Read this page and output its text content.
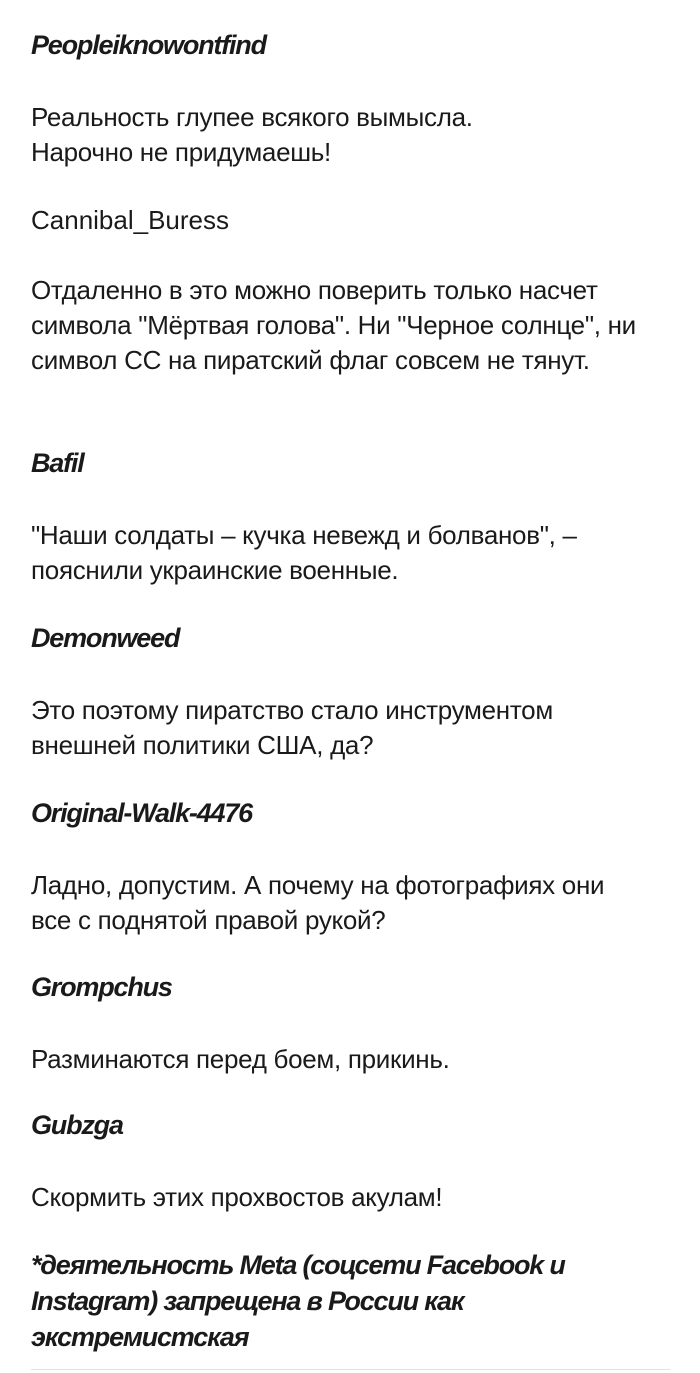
Peopleiknowontfind

Реальность глупее всякого вымысла. Нарочно не придумаешь!

Cannibal_Buress

Отдаленно в это можно поверить только насчет символа "Мёртвая голова". Ни "Черное солнце", ни символ СС на пиратский флаг совсем не тянут.

Bafil

"Наши солдаты – кучка невежд и болванов", – пояснили украинские военные.

Demonweed

Это поэтому пиратство стало инструментом внешней политики США, да?

Original-Walk-4476

Ладно, допустим. А почему на фотографиях они все с поднятой правой рукой?

Grompchus

Разминаются перед боем, прикинь.

Gubzga

Скормить этих прохвостов акулам!

*деятельность Meta (соцсети Facebook и Instagram) запрещена в России как экстремистская
